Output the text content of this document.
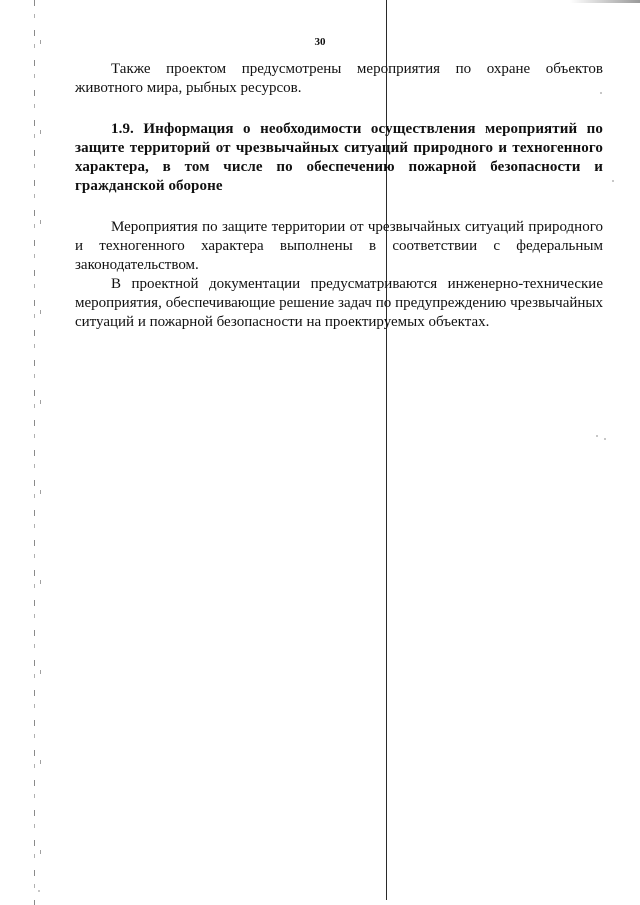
30

Также проектом предусмотрены мероприятия по охране объектов животного мира, рыбных ресурсов.

1.9. Информация о необходимости осуществления мероприятий по защите территорий от чрезвычайных ситуаций природного и техногенного характера, в том числе по обеспечению пожарной безопасности и гражданской обороне

Мероприятия по защите территории от чрезвычайных ситуаций природного и техногенного характера выполнены в соответствии с федеральным законодательством.

В проектной документации предусматриваются инженерно-технические мероприятия, обеспечивающие решение задач по предупреждению чрезвычайных ситуаций и пожарной безопасности на проектируемых объектах.
